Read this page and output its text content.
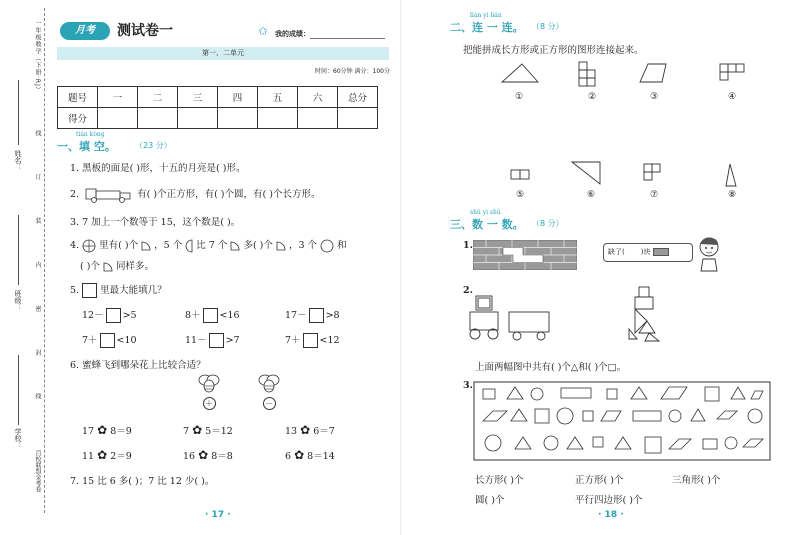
一年级数学（下册·RJ）
线 订 装 内 密 封 线
百校联盟金考卷
姓名：
班级：
学校：
月考	测试卷一	✩ 我的成绩：
第一、二单元
时间：60分钟 满分：100分
题号	一	二	三	四	五	六	总分
得分							
tián kòng
一、填 空。 （23 分）
1. 黑板的面是( )形，十五的月亮是( )形。
2.	有( )个正方形，有( )个圆，有( )个长方形。
3. 7 加上一个数等于 15，这个数是( )。
4. 里有( )个 ，5 个 比 7 个 多( )个 ，3 个 和
( )个 同样多。
5. 里最大能填几？
12－ >5	8＋ <16	17－ >8
7＋ <10	11－ >7	7＋ <12
6. 蜜蜂飞到哪朵花上比较合适？
＋	－
17 ✿ 8＝9	7 ✿ 5＝12	13 ✿ 6＝7
11 ✿ 2＝9	16 ✿ 8＝8	6 ✿ 8＝14
7. 15 比 6 多( )；7 比 12 少( )。
· 17 ·
lián yi lián
二、连 一 连。 （8 分）
把能拼成长方形或正方形的图形连接起来。
①	②	③	④
⑤	⑥	⑦	⑧
shǔ yi shǔ
三、数 一 数。 （8 分）
1.
缺了( )块
2.
上面两幅图中共有( )个△和( )个□。
3.
长方形( )个	正方形( )个	三角形( )个
圆( )个	平行四边形( )个
· 18 ·
